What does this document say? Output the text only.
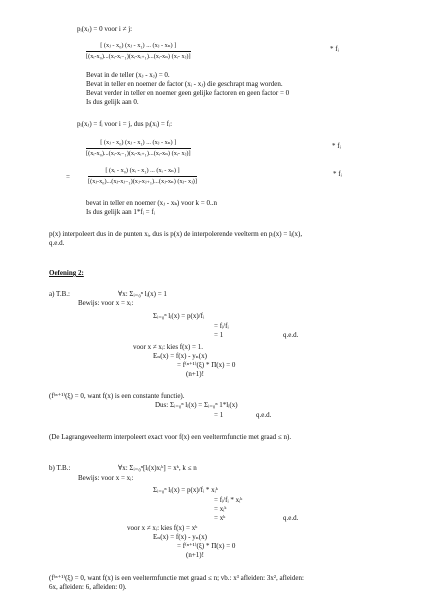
pᵢ(xⱼ) = 0 voor i ≠ j:
$\frac{\text{[ (xⱼ - x₀) (xⱼ - x₁) ... (xⱼ - xₙ) ]}}{\text{[(xᵢ-x₀)...(xᵢ-xᵢ₋₁)(xᵢ-xᵢ₊₁)...(xᵢ-xₙ) (xᵢ- xⱼ)]}}$	* fᵢ
Bevat in de teller (xⱼ - xⱼ) = 0.
Bevat in teller en noemer de factor (xᵢ - xⱼ) die geschrapt mag worden.
Bevat verder in teller en noemer geen gelijke factoren en geen factor = 0
Is dus gelijk aan 0.
pᵢ(xⱼ) = fᵢ voor i = j, dus pᵢ(xᵢ) = fᵢ:
$\frac{\text{[ (xⱼ - x₀) (xⱼ - x₁) ... (xⱼ - xₙ) ]}}{\text{[(xᵢ-x₀)...(xᵢ-xᵢ₋₁)(xᵢ-xᵢ₊₁)...(xᵢ-xₙ) (xᵢ- xⱼ)]}}$	* fᵢ
=	$\frac{\text{[ (xᵢ - x₀) (xᵢ - x₁) ... (xᵢ - xₙ) ]}}{\text{[(xⱼ-x₀)...(xⱼ-xⱼ₋₁)(xⱼ-xⱼ₊₁)...(xⱼ-xₙ) (xⱼ- xⱼ)]}}$	* fᵢ
bevat in teller en noemer (xⱼ - xₖ) voor k = 0..n
Is dus gelijk aan 1*fᵢ = fᵢ
p(x) interpoleert dus in de punten xᵢ, dus is p(x) de interpolerende veelterm en pᵢ(x) = lᵢ(x),
q.e.d.
Oefening 2:
a) T.B.:	∀x: Σᵢ₌₀ⁿ lᵢ(x) = 1
Bewijs: voor x = xᵢ:
Σᵢ₌₀ⁿ lᵢ(x) = p(x)/fᵢ
= fᵢ/fᵢ
= 1	q.e.d.
voor x ≠ xᵢ: kies f(x) = 1.
Eₙ(x) = f(x) - yₙ(x)
= f⁽ⁿ⁺¹⁾(ξ) * Π(x) = 0
(n+1)!
(f⁽ⁿ⁺¹⁾(ξ) = 0, want f(x) is een constante functie).
Dus: Σᵢ₌₀ⁿ lᵢ(x) = Σᵢ₌₀ⁿ 1*lᵢ(x)
= 1	q.e.d.
(De Lagrangeveelterm interpoleert exact voor f(x) een veeltermfunctie met graad ≤ n).
b) T.B.:	∀x: Σᵢ₌₀ⁿ[lᵢ(x)xᵢᵏ] = xᵏ, k ≤ n
Bewijs: voor x = xᵢ:
Σᵢ₌₀ⁿ lᵢ(x) = p(x)/fᵢ * xᵢᵏ
= fᵢ/fᵢ * xᵢᵏ
= xᵢᵏ
= xᵏ	q.e.d.
voor x ≠ xᵢ: kies f(x) = xᵏ
Eₙ(x) = f(x) - yₙ(x)
= f⁽ⁿ⁺¹⁾(ξ) * Π(x) = 0
(n+1)!
(f⁽ⁿ⁺¹⁾(ξ) = 0, want f(x) is een veeltermfunctie met graad ≤ n; vb.: x³ afleiden: 3x², afleiden:
6x, afleiden: 6, afleiden: 0).
